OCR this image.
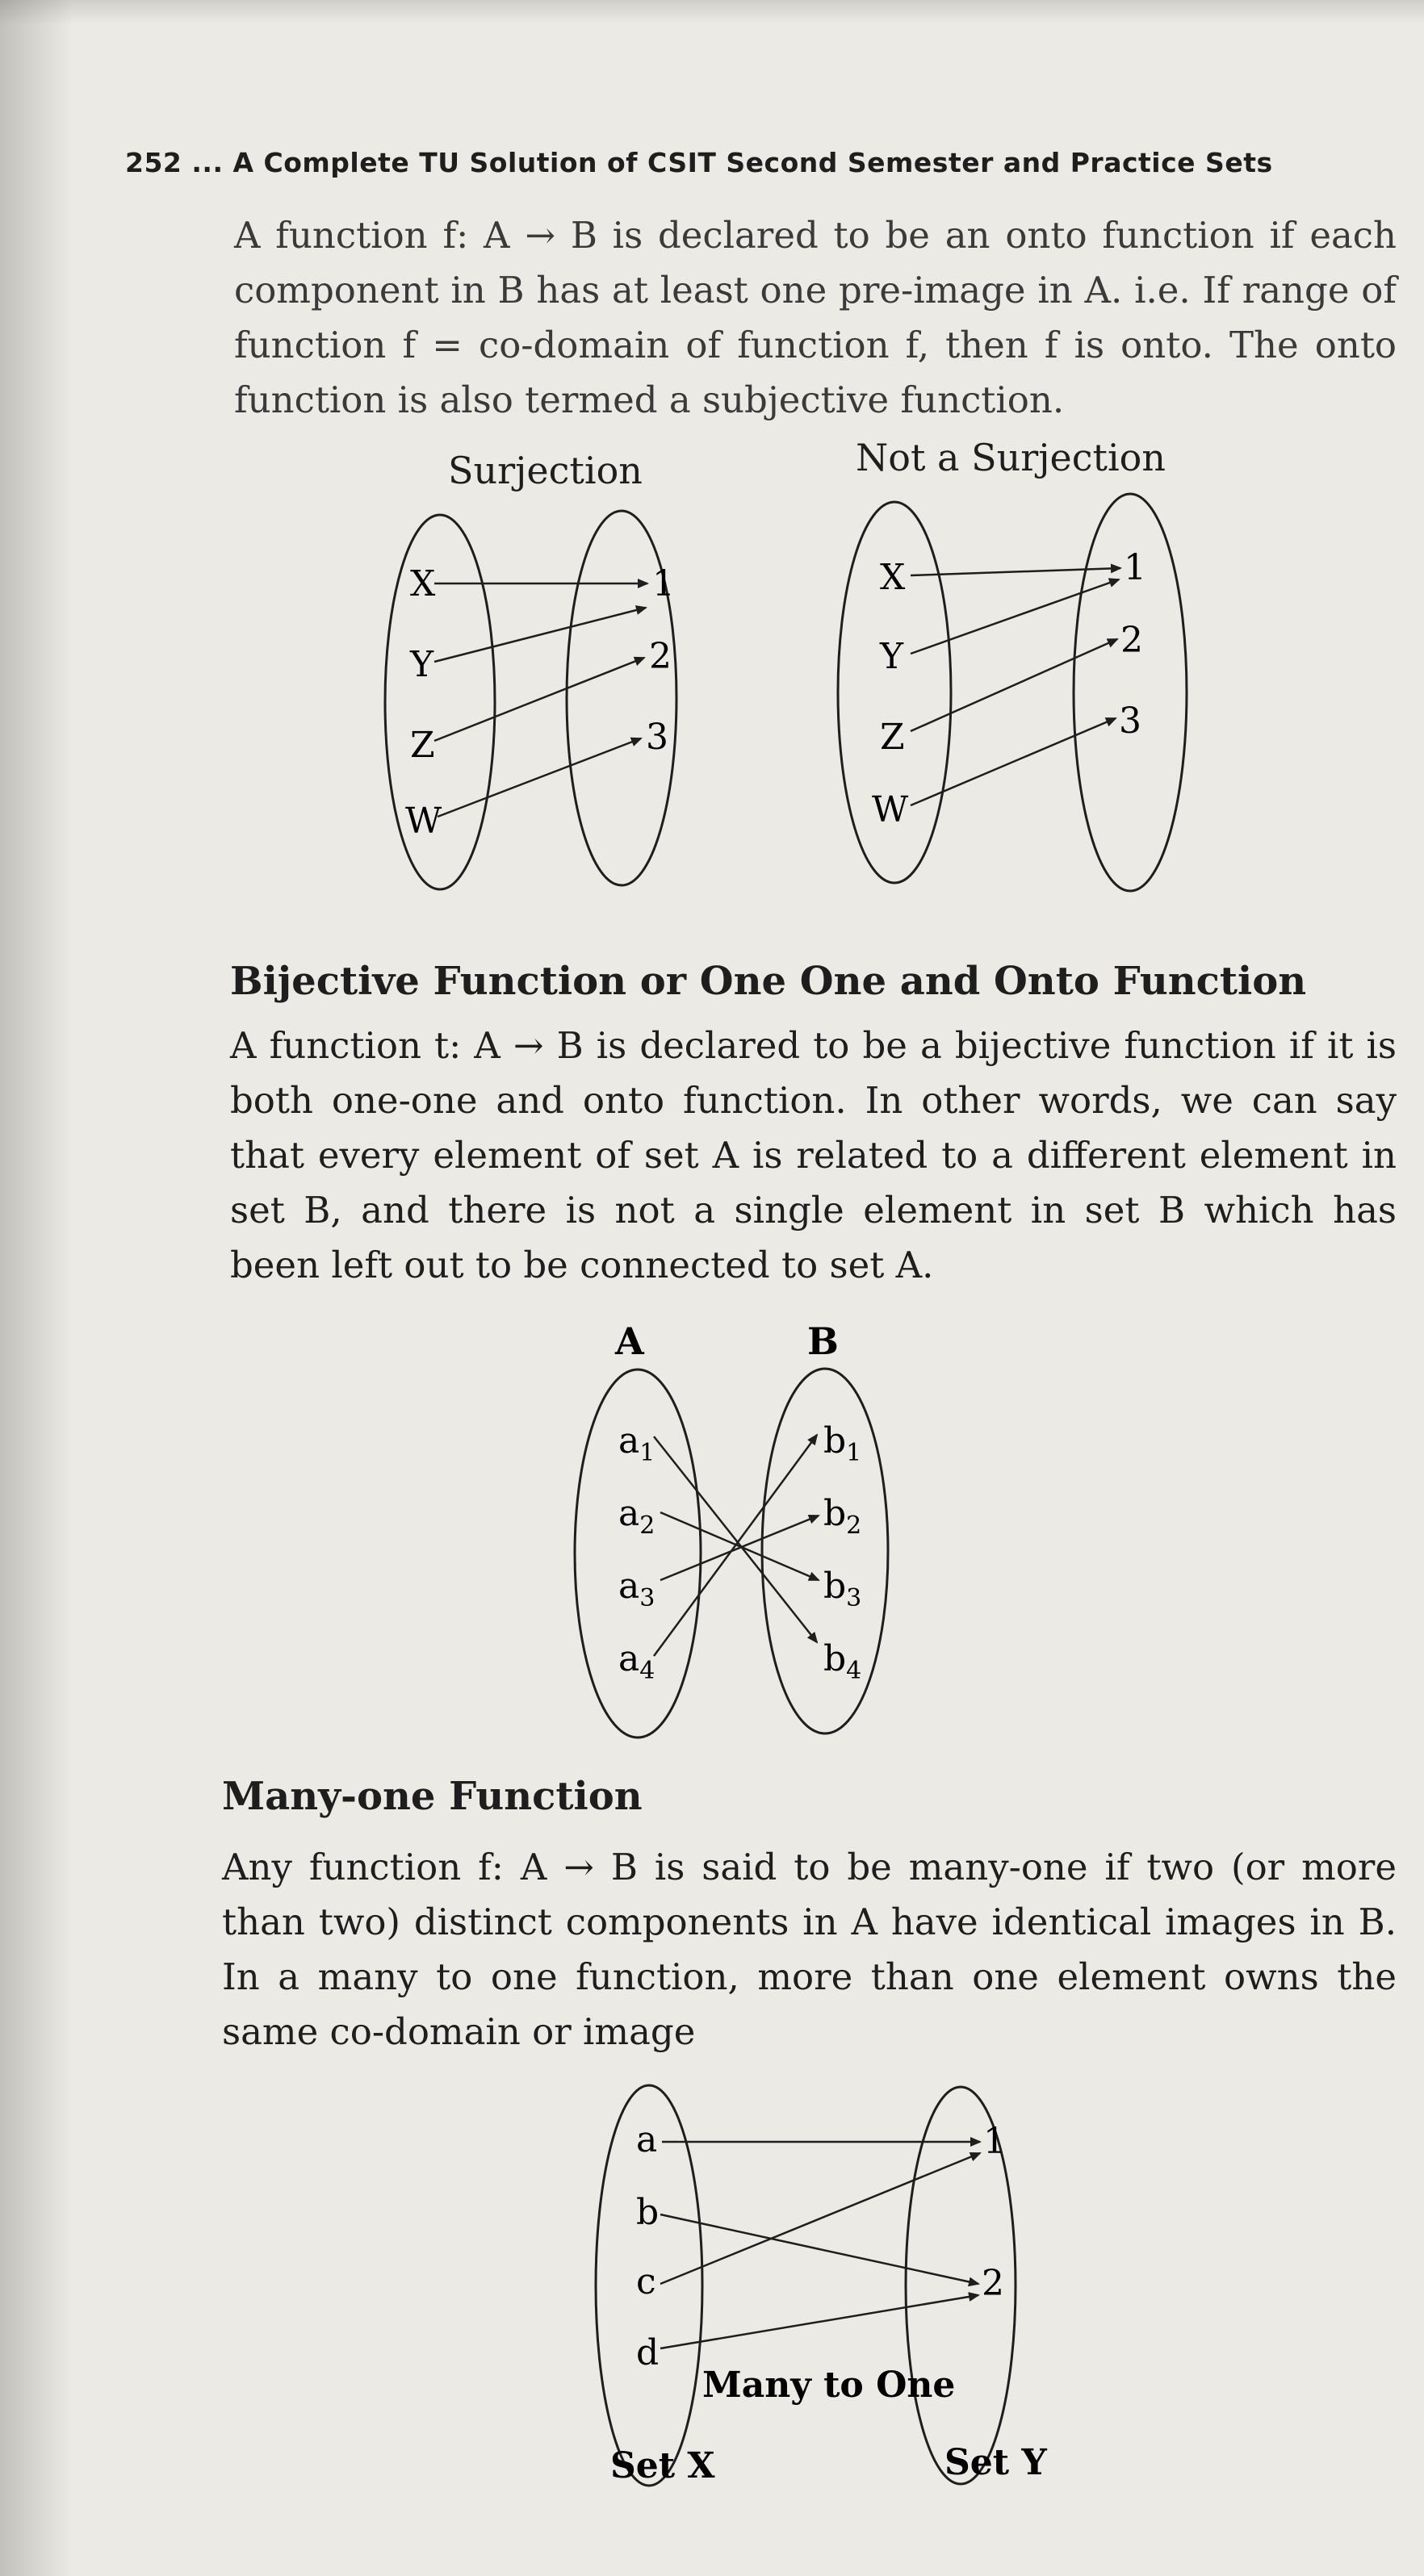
252 ... A Complete TU Solution of CSIT Second Semester and Practice Sets

A function f: A → B is declared to be an onto function if each component in B has at least one pre-image in A. i.e. If range of function f = co-domain of function f, then f is onto. The onto function is also termed a subjective function.

Surjection
X
Y
Z
W
1
2
3
Not a Surjection
X
Y
Z
W
1
2
3
Bijective Function or One One and Onto Function

A function t: A → B is declared to be a bijective function if it is both one-one and onto function. In other words, we can say that every element of set A is related to a different element in set B, and there is not a single element in set B which has been left out to be connected to set A.

A	B
$a_1$
$a_2$
$a_3$
$a_4$
$b_1$
$b_2$
$b_3$
$b_4$
Many-one Function

Any function f: A → B is said to be many-one if two (or more than two) distinct components in A have identical images in B. In a many to one function, more than one element owns the same co-domain or image

a
b
c
d
1
2
Many to One
Set X	Set Y
